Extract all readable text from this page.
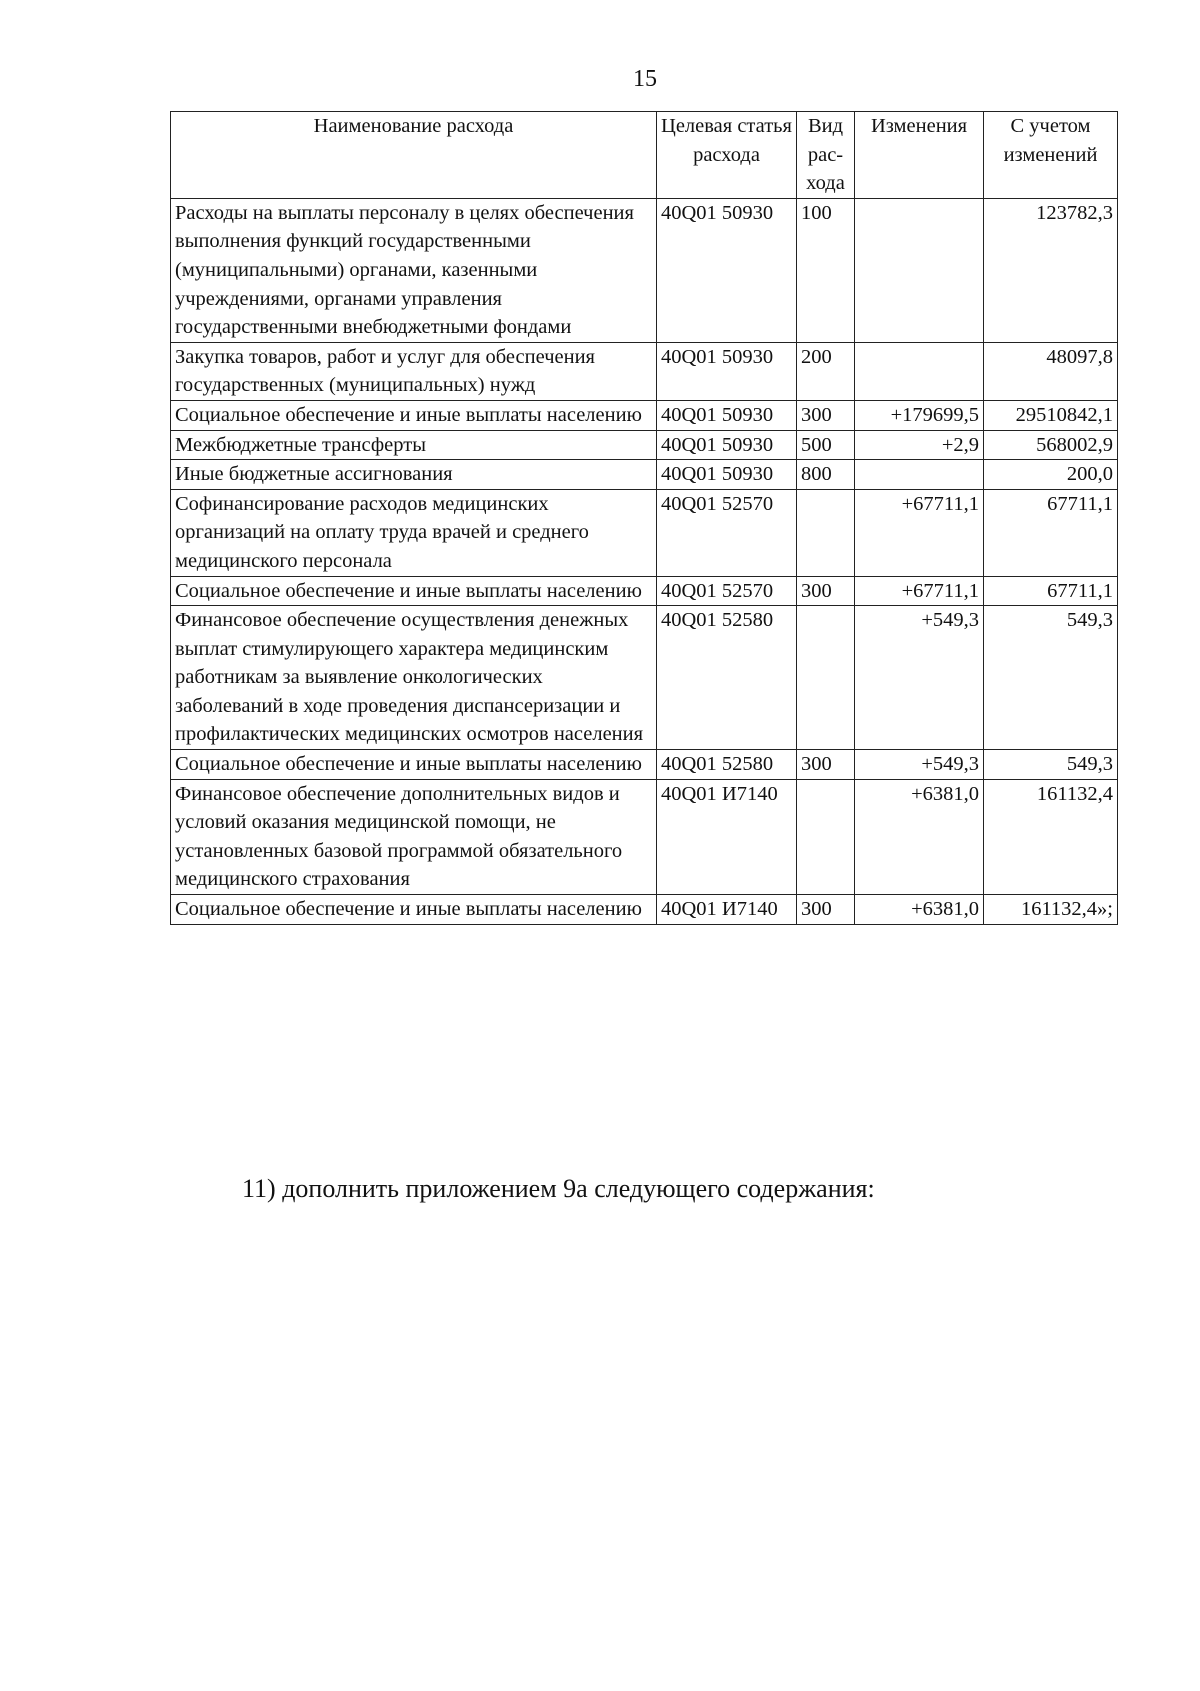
15
Наименование расхода	Целевая статья расхода	Вид рас-хода	Изменения	С учетом изменений
Расходы на выплаты персоналу в целях обеспечения выполнения функций государственными (муниципальными) органами, казенными учреждениями, органами управления государственными внебюджетными фондами	40Q01 50930	100		123782,3
Закупка товаров, работ и услуг для обеспечения государственных (муниципальных) нужд	40Q01 50930	200		48097,8
Социальное обеспечение и иные выплаты населению	40Q01 50930	300	+179699,5	29510842,1
Межбюджетные трансферты	40Q01 50930	500	+2,9	568002,9
Иные бюджетные ассигнования	40Q01 50930	800		200,0
Софинансирование расходов медицинских организаций на оплату труда врачей и среднего медицинского персонала	40Q01 52570		+67711,1	67711,1
Социальное обеспечение и иные выплаты населению	40Q01 52570	300	+67711,1	67711,1
Финансовое обеспечение осуществления денежных выплат стимулирующего характера медицинским работникам за выявление онкологических заболеваний в ходе проведения диспансеризации и профилактических медицинских осмотров населения	40Q01 52580		+549,3	549,3
Социальное обеспечение и иные выплаты населению	40Q01 52580	300	+549,3	549,3
Финансовое обеспечение дополнительных видов и условий оказания медицинской помощи, не установленных базовой программой обязательного медицинского страхования	40Q01 И7140		+6381,0	161132,4
Социальное обеспечение и иные выплаты населению	40Q01 И7140	300	+6381,0	161132,4»;
11) дополнить приложением 9а следующего содержания:
